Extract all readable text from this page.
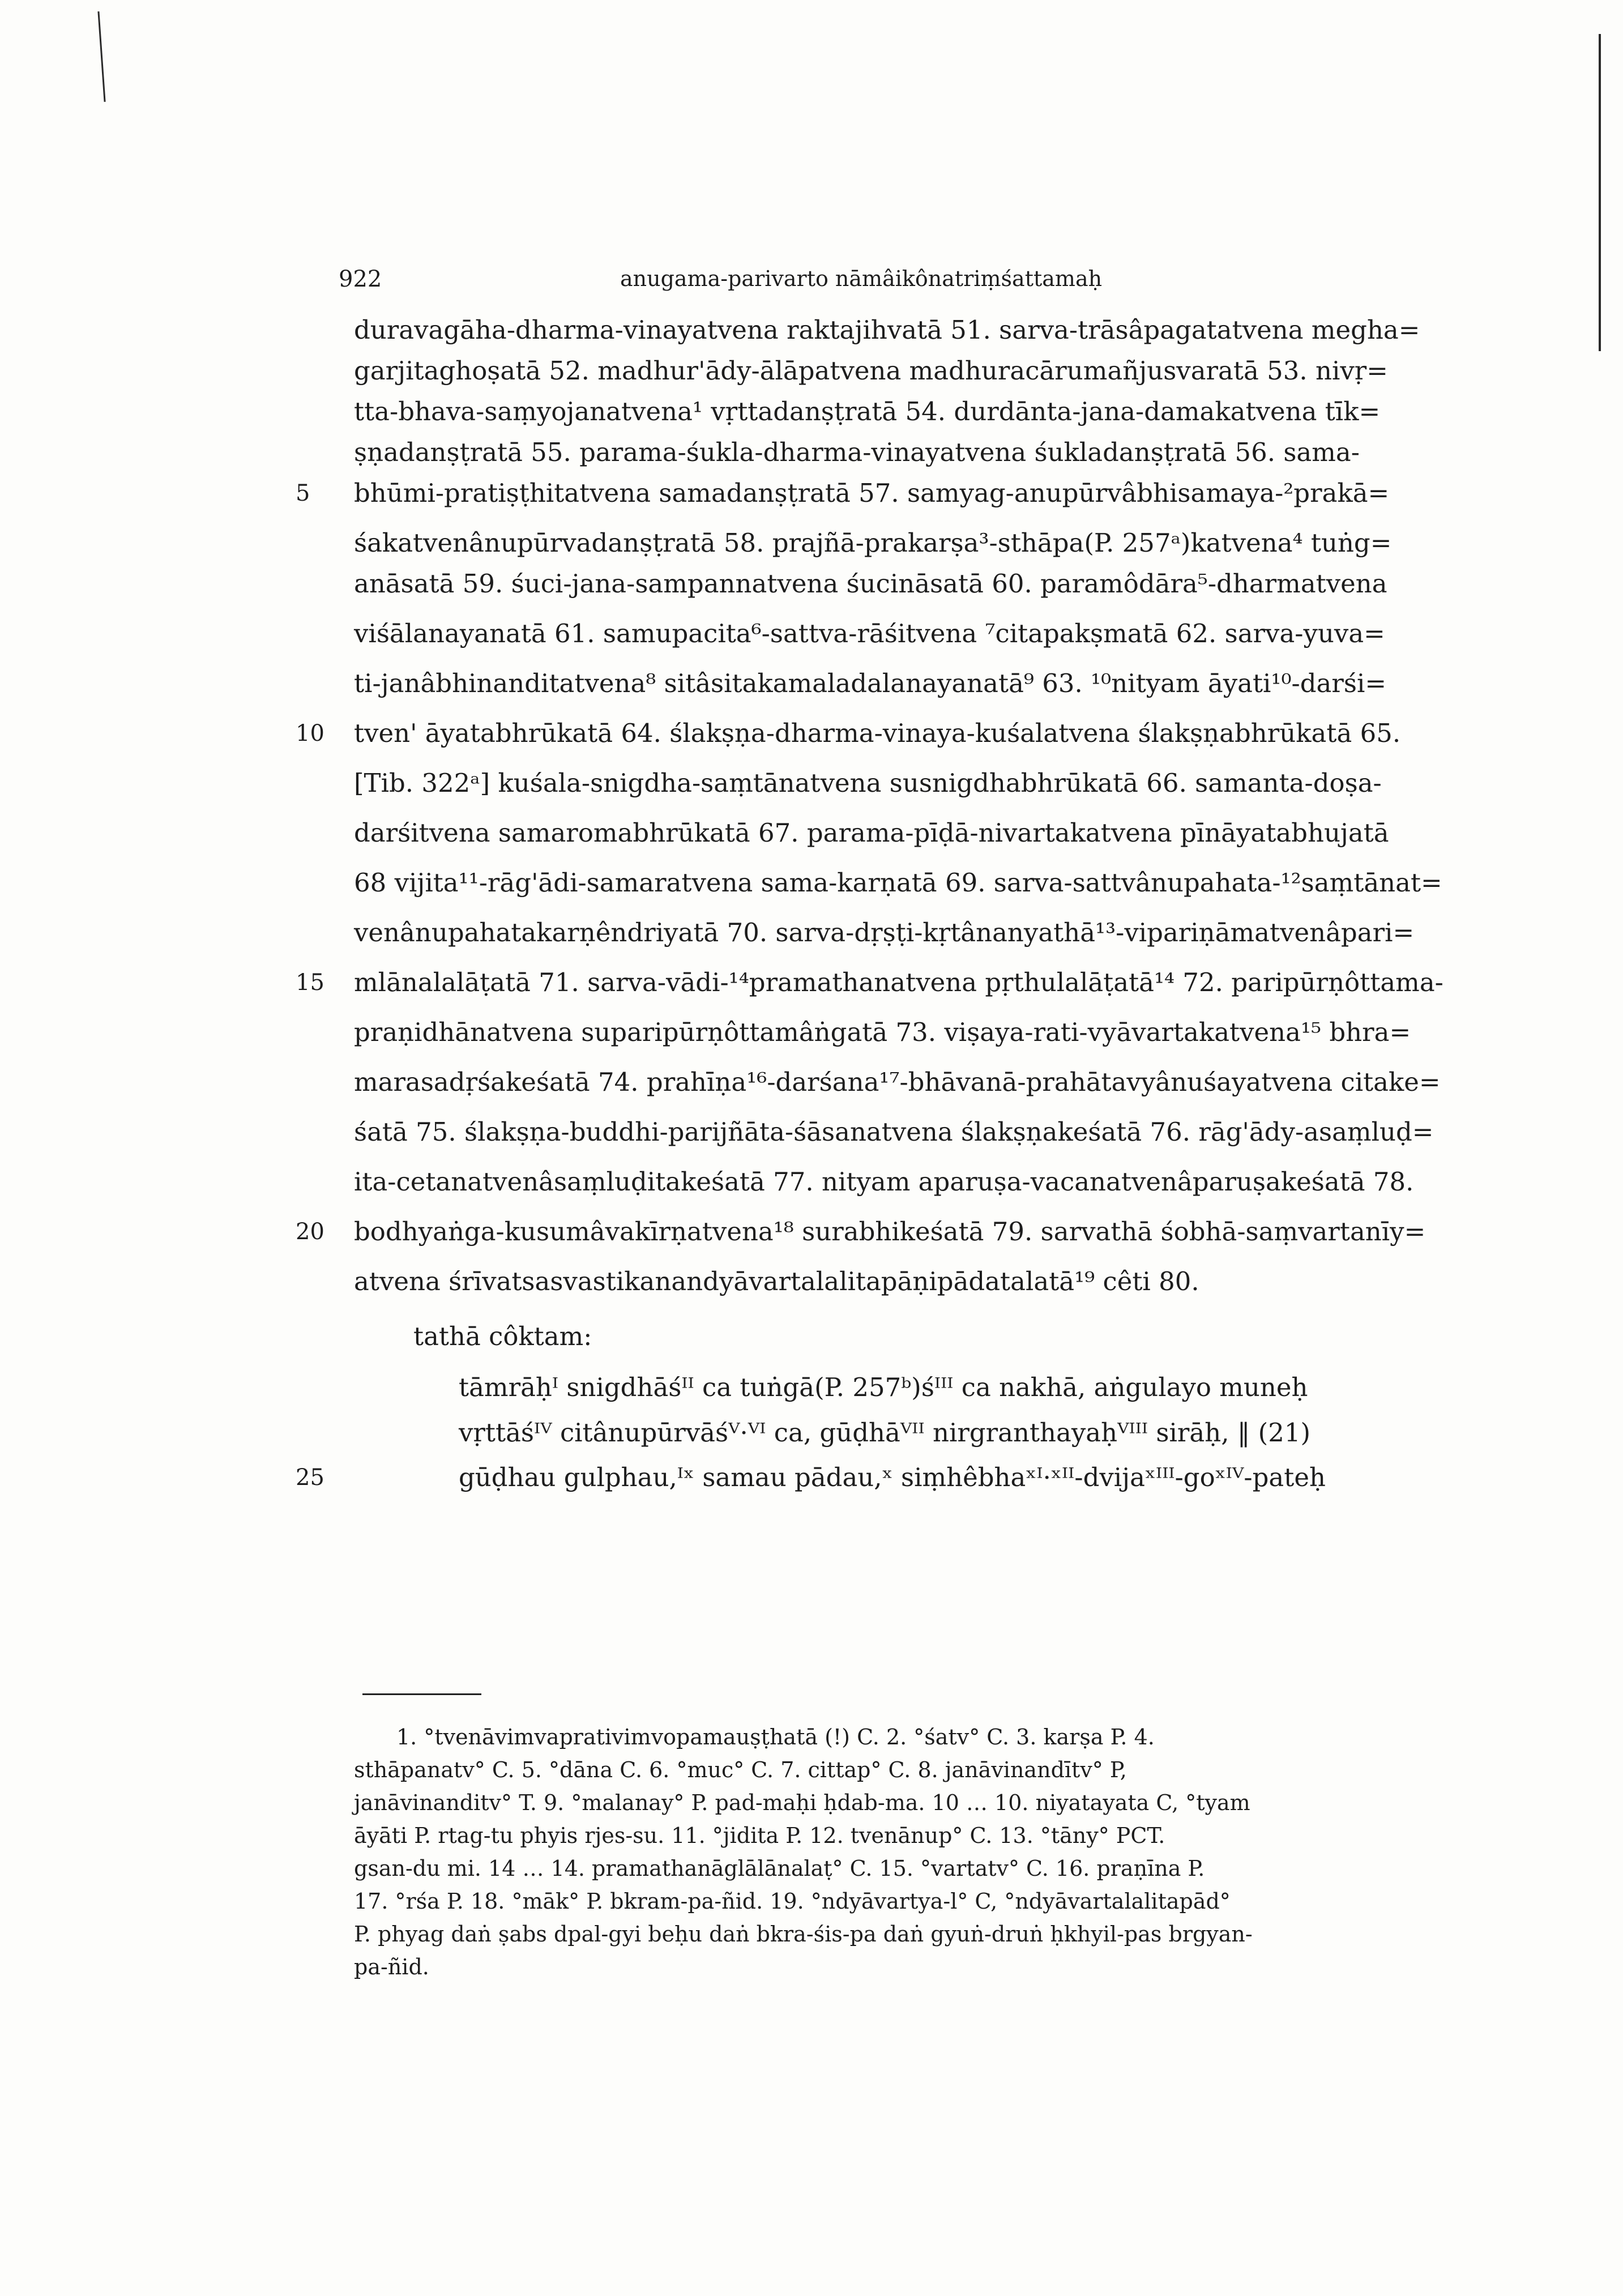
922	anugama-parivarto nāmâikônatriṃśattamaḥ
duravagāha-dharma-vinayatvena raktajihvatā 51. sarva-trāsâpagatatvena megha=
garjitaghoṣatā 52. madhur'ādy-ālāpatvena madhuracārumañjusvaratā 53. nivṛ=
tta-bhava-saṃyojanatvena¹ vṛttadanṣṭratā 54. durdānta-jana-damakatvena tīk=
ṣṇadanṣṭratā 55. parama-śukla-dharma-vinayatvena śukladanṣṭratā 56. sama-
bhūmi-pratiṣṭhitatvena samadanṣṭratā 57. samyag-anupūrvâbhisamaya-²prakā=
śakatvenânupūrvadanṣṭratā 58. prajñā-prakarṣa³-sthāpa(P. 257ᵃ)katvena⁴ tuṅg=
anāsatā 59. śuci-jana-sampannatvena śucināsatā 60. paramôdāra⁵-dharmatvena
viśālanayanatā 61. samupacita⁶-sattva-rāśitvena ⁷citapakṣmatā 62. sarva-yuva=
ti-janâbhinanditatvena⁸ sitâsitakamaladalanayanatā⁹ 63. ¹⁰nityam āyati¹⁰-darśi=
tven' āyatabhrūkatā 64. ślakṣṇa-dharma-vinaya-kuśalatvena ślakṣṇabhrūkatā 65.
[Tib. 322ᵃ] kuśala-snigdha-saṃtānatvena susnigdhabhrūkatā 66. samanta-doṣa-
darśitvena samaromabhrūkatā 67. parama-pīḍā-nivartakatvena pīnāyatabhujatā
68 vijita¹¹-rāg'ādi-samaratvena sama-karṇatā 69. sarva-sattvânupahata-¹²saṃtānat=
venânupahatakarṇêndriyatā 70. sarva-dṛṣṭi-kṛtânanyathā¹³-vipariṇāmatvenâpari=
mlānalalāṭatā 71. sarva-vādi-¹⁴pramathanatvena pṛthulalāṭatā¹⁴ 72. paripūrṇôttama-
praṇidhānatvena suparipūrṇôttamâṅgatā 73. viṣaya-rati-vyāvartakatvena¹⁵ bhra=
marasadṛśakeśatā 74. prahīṇa¹⁶-darśana¹⁷-bhāvanā-prahātavyânuśayatvena citake=
śatā 75. ślakṣṇa-buddhi-parijñāta-śāsanatvena ślakṣṇakeśatā 76. rāg'ādy-asaṃluḍ=
ita-cetanatvenâsaṃluḍitakeśatā 77. nityam aparuṣa-vacanatvenâparuṣakeśatā 78.
bodhyaṅga-kusumâvakīrṇatvena¹⁸ surabhikeśatā 79. sarvathā śobhā-saṃvartanīy=
atvena śrīvatsasvastikanandyāvartalalitapāṇipādatalatā¹⁹ cêti 80.
5
10
15
20
25
tathā côktam:
tāmrāḥᴵ snigdhāśᴵᴵ ca tuṅgā(P. 257ᵇ)śᴵᴵᴵ ca nakhā, aṅgulayo muneḥ
vṛttāśᴵⱽ citânupūrvāśⱽ·ⱽᴵ ca, gūḍhāⱽᴵᴵ nirgranthayaḥⱽᴵᴵᴵ sirāḥ, ‖ (21)
gūḍhau gulphau,ᴵˣ samau pādau,ˣ siṃhêbhaˣᴵ·ˣᴵᴵ-dvijaˣᴵᴵᴵ-goˣᴵⱽ-pateḥ
1. °tvenāvimvaprativimvopamauṣṭhatā (!) C. 2. °śatv° C. 3. karṣa P. 4.
sthāpanatv° C. 5. °dāna C. 6. °muc° C. 7. cittap° C. 8. janāvinandītv° P,
janāvinanditv° T. 9. °malanay° P. pad-maḥi ḥdab-ma. 10 … 10. niyatayata C, °tyam
āyāti P. rtag-tu phyis rjes-su. 11. °jidita P. 12. tvenānup° C. 13. °tāny° PCT.
gsan-du mi. 14 … 14. pramathanāglālānalaṭ° C. 15. °vartatv° C. 16. praṇīna P.
17. °rśa P. 18. °māk° P. bkram-pa-ñid. 19. °ndyāvartya-l° C, °ndyāvartalalitapād°
P. phyag daṅ ṣabs dpal-gyi beḥu daṅ bkra-śis-pa daṅ gyuṅ-druṅ ḥkhyil-pas brgyan-
pa-ñid.
